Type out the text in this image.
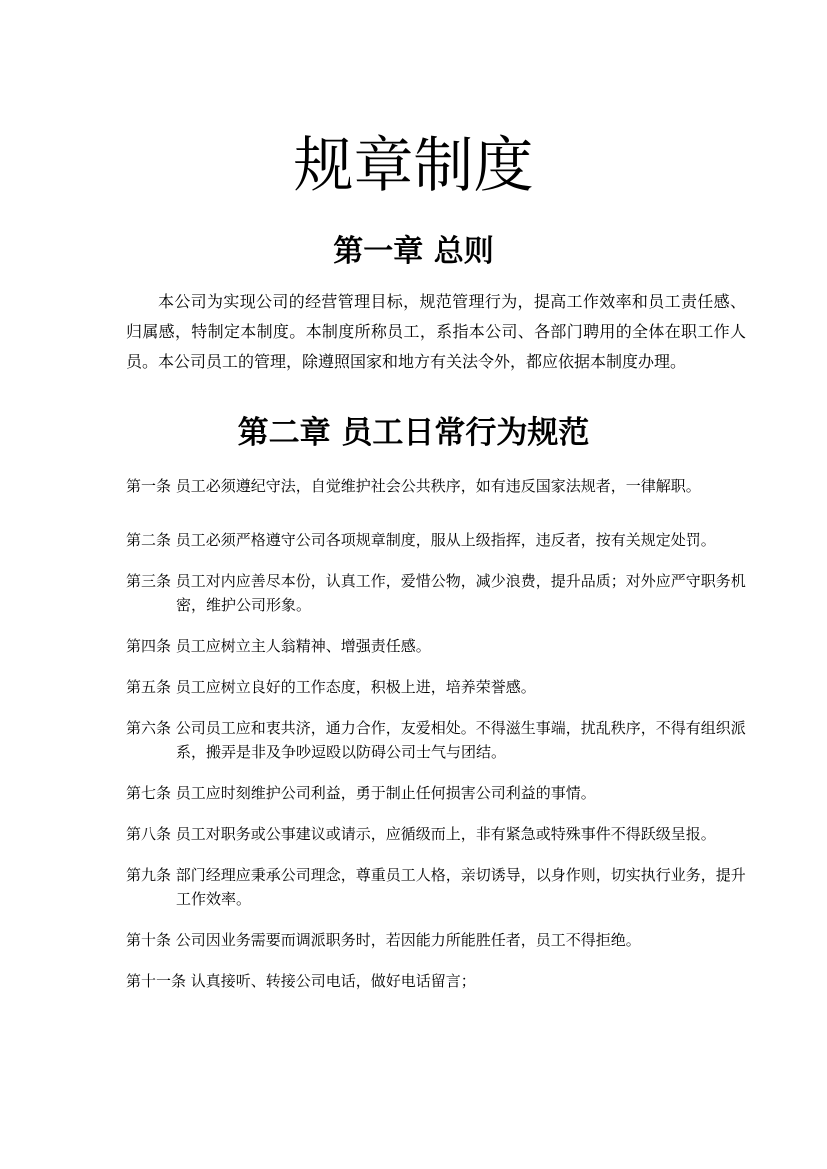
规章制度
第一章 总则

本公司为实现公司的经营管理目标，规范管理行为，提高工作效率和员工责任感、归属感，特制定本制度。本制度所称员工，系指本公司、各部门聘用的全体在职工作人员。本公司员工的管理，除遵照国家和地方有关法令外，都应依据本制度办理。

第二章 员工日常行为规范
第一条 员工必须遵纪守法，自觉维护社会公共秩序，如有违反国家法规者，一律解职。
第二条 员工必须严格遵守公司各项规章制度，服从上级指挥，违反者，按有关规定处罚。
第三条 员工对内应善尽本份，认真工作，爱惜公物，减少浪费，提升品质；对外应严守职务机密，维护公司形象。
第四条 员工应树立主人翁精神、增强责任感。
第五条 员工应树立良好的工作态度，积极上进，培养荣誉感。
第六条 公司员工应和衷共济，通力合作，友爱相处。不得滋生事端，扰乱秩序，不得有组织派系，搬弄是非及争吵逗殴以防碍公司士气与团结。
第七条 员工应时刻维护公司利益，勇于制止任何损害公司利益的事情。
第八条 员工对职务或公事建议或请示，应循级而上，非有紧急或特殊事件不得跃级呈报。
第九条 部门经理应秉承公司理念，尊重员工人格，亲切诱导，以身作则，切实执行业务，提升工作效率。
第十条 公司因业务需要而调派职务时，若因能力所能胜任者，员工不得拒绝。
第十一条 认真接听、转接公司电话，做好电话留言；
